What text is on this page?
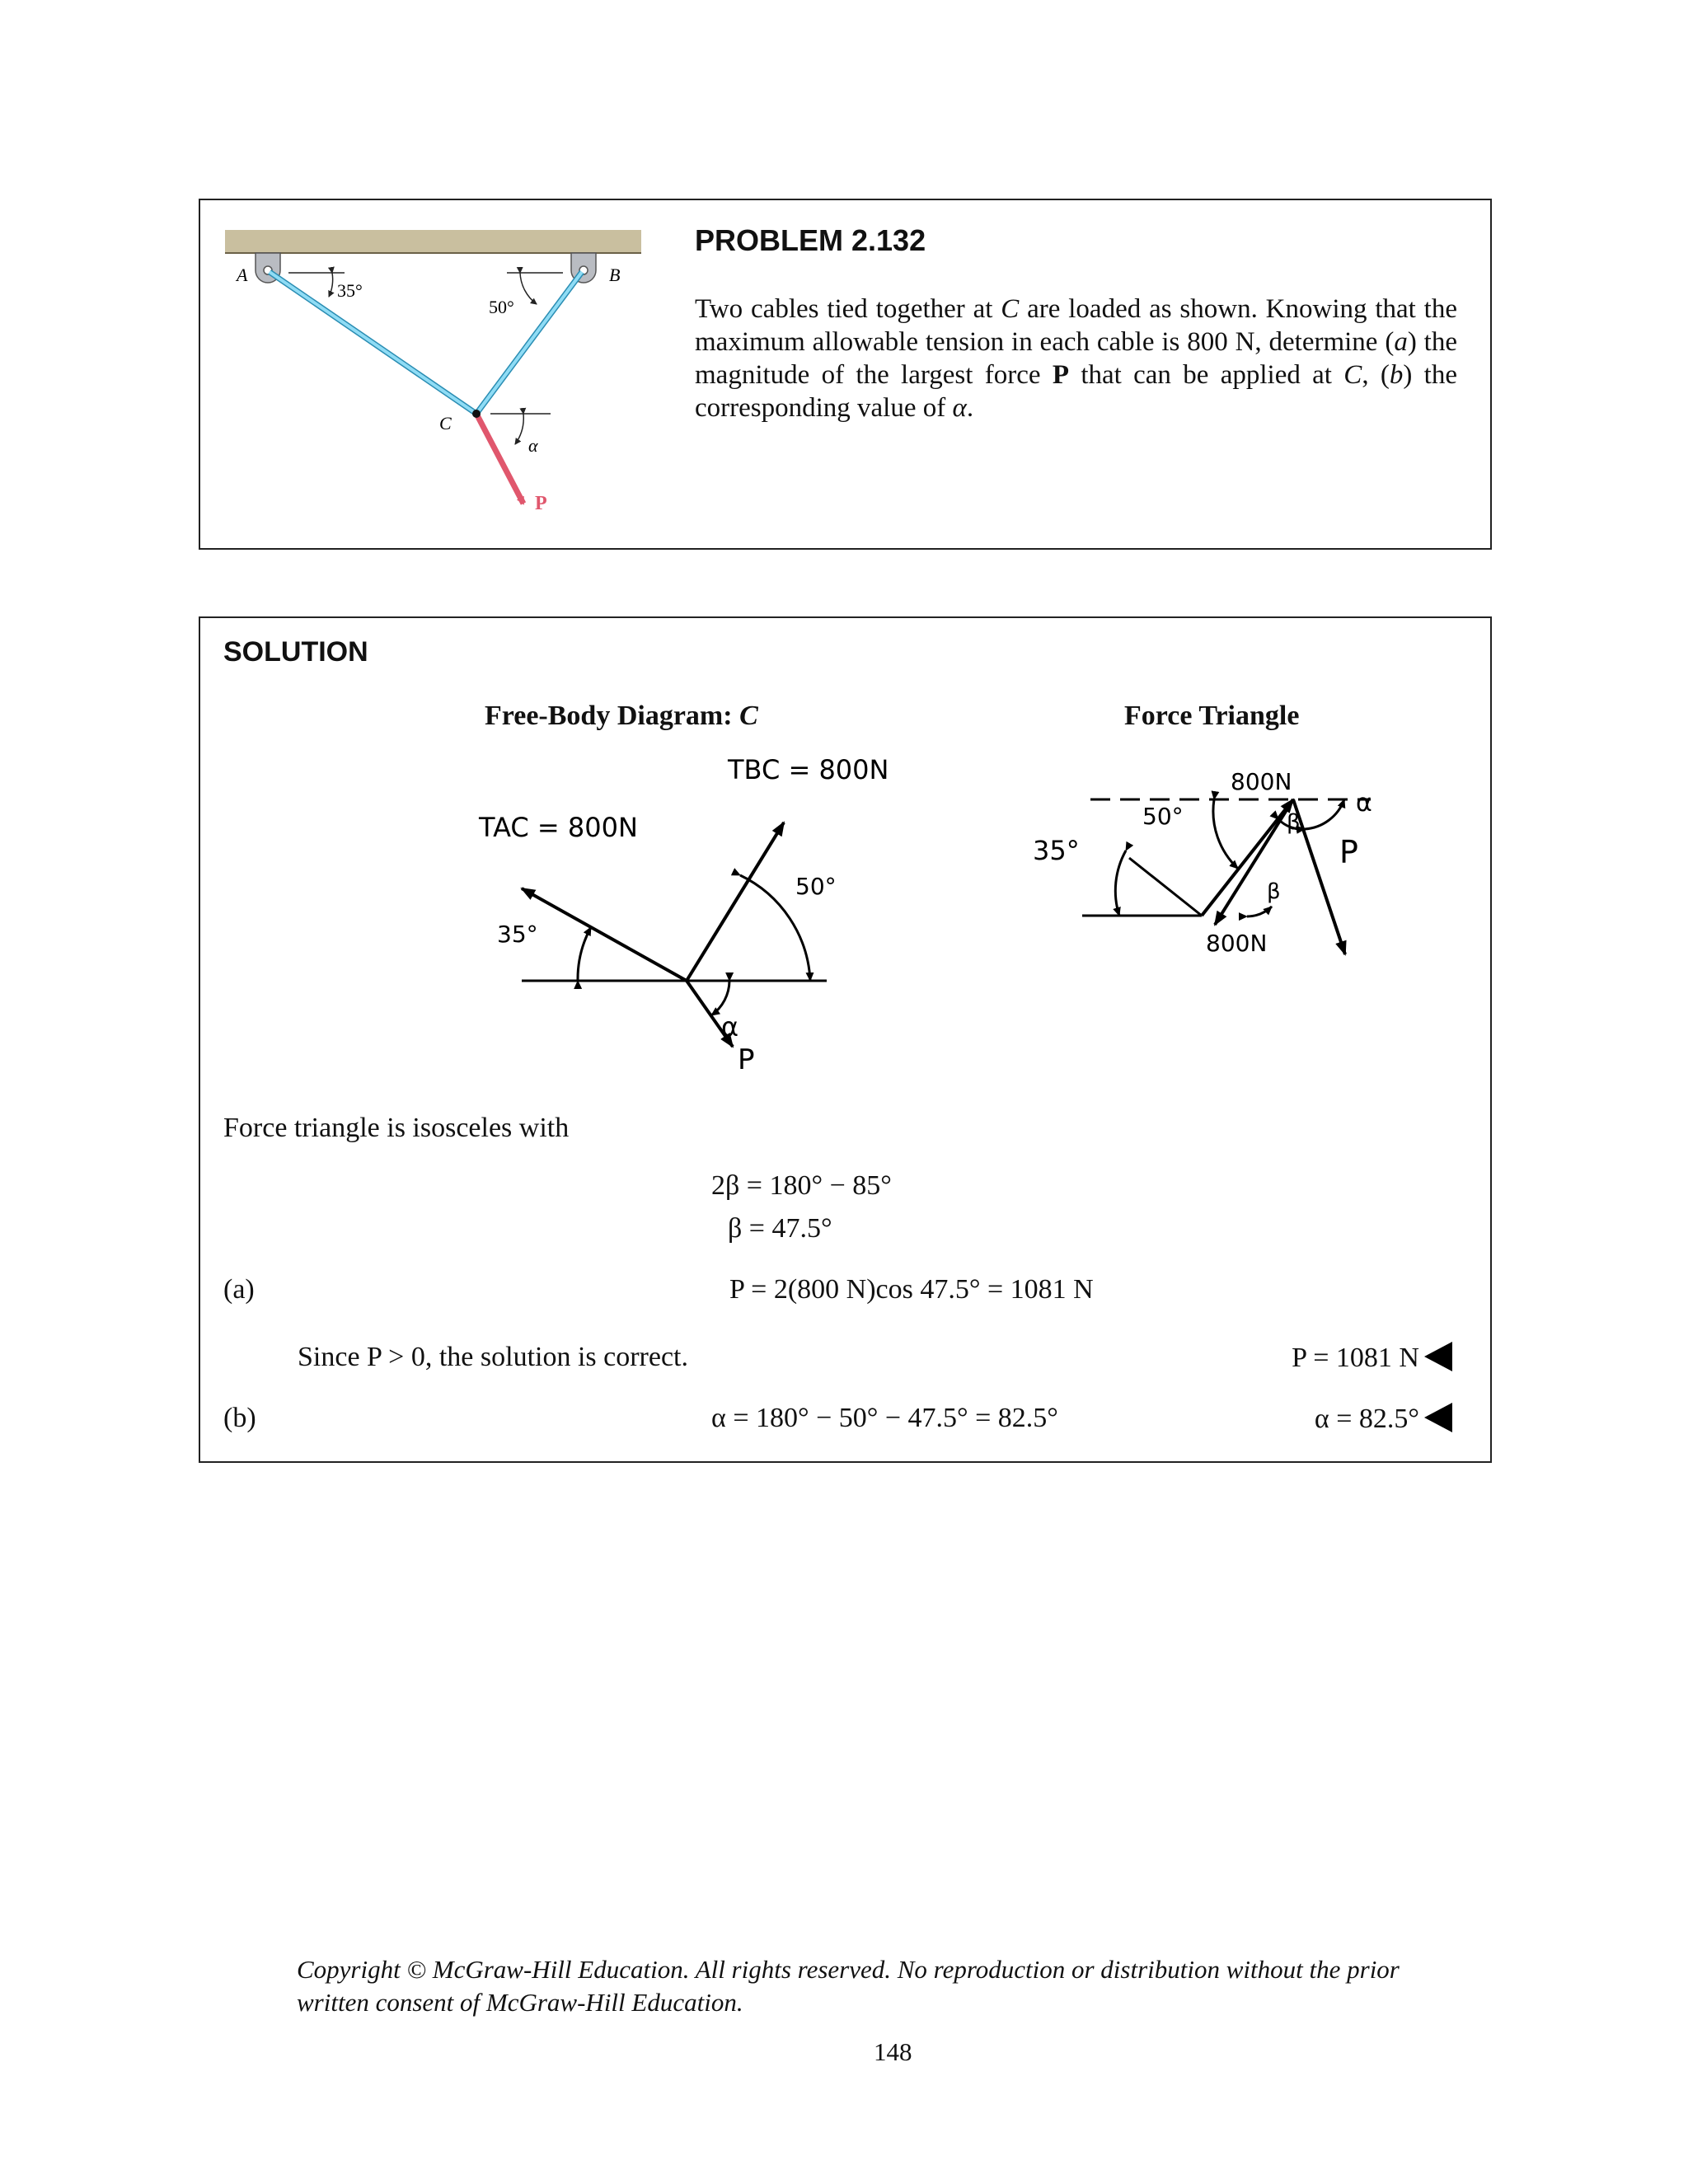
A	B
C
35°
50°
α
P
PROBLEM 2.132

Two cables tied together at C are loaded as shown. Knowing that the maximum allowable tension in each cable is 800 N, determine (a) the magnitude of the largest force P that can be applied at C, (b) the corresponding value of α.

SOLUTION
Free-Body Diagram: C	Force Triangle
TAC = 800N
TBC = 800N
35°
50°
α
P
800N
800N
50°
35°
β
β
α
P
Force triangle is isosceles with
2β = 180° − 85°
β = 47.5°
(a)	P = 2(800 N)cos 47.5° = 1081 N
Since P > 0, the solution is correct.	P = 1081 N
(b)	α = 180° − 50° − 47.5° = 82.5°	α = 82.5°

Copyright © McGraw-Hill Education. All rights reserved. No reproduction or distribution without the prior written consent of McGraw-Hill Education.

148
